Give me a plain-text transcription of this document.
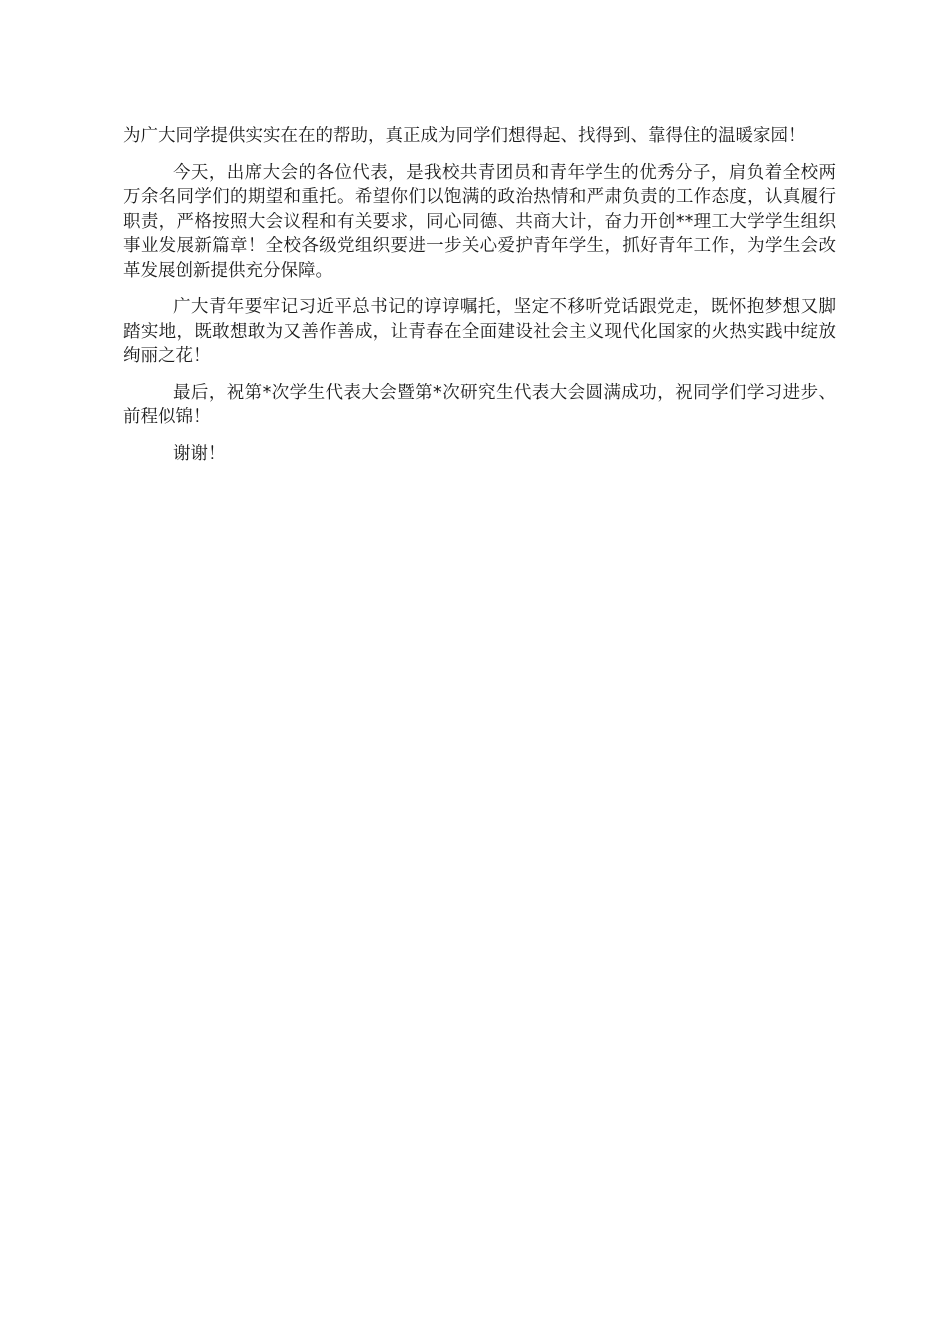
为广大同学提供实实在在的帮助，真正成为同学们想得起、找得到、靠得住的温暖家园！

今天，出席大会的各位代表，是我校共青团员和青年学生的优秀分子，肩负着全校两万余名同学们的期望和重托。希望你们以饱满的政治热情和严肃负责的工作态度，认真履行职责，严格按照大会议程和有关要求，同心同德、共商大计，奋力开创**理工大学学生组织事业发展新篇章！全校各级党组织要进一步关心爱护青年学生，抓好青年工作，为学生会改革发展创新提供充分保障。

广大青年要牢记习近平总书记的谆谆嘱托，坚定不移听党话跟党走，既怀抱梦想又脚踏实地，既敢想敢为又善作善成，让青春在全面建设社会主义现代化国家的火热实践中绽放绚丽之花！

最后，祝第*次学生代表大会暨第*次研究生代表大会圆满成功，祝同学们学习进步、前程似锦！

谢谢！
